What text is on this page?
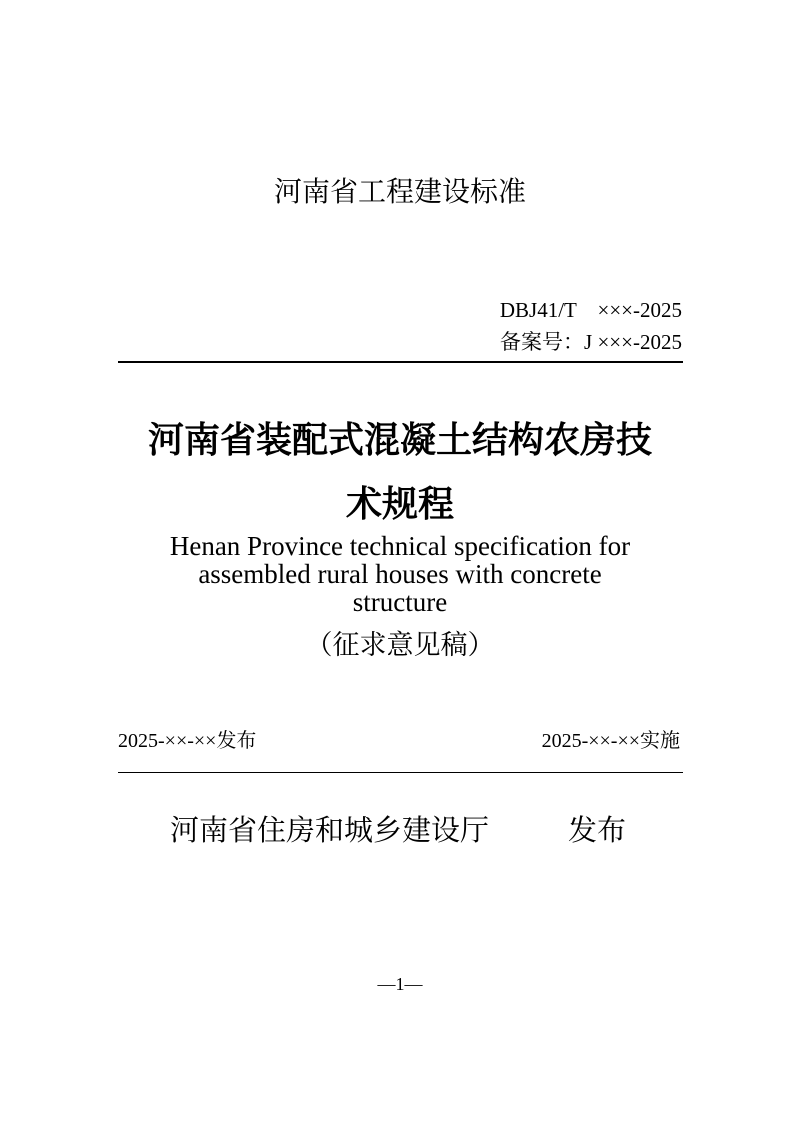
河南省工程建设标准
DBJ41/T　×××-2025
备案号：J ×××-2025
河南省装配式混凝土结构农房技
术规程
Henan Province technical specification for
assembled rural houses with concrete
structure
（征求意见稿）
2025-××-××发布	2025-××-××实施
河南省住房和城乡建设厅	发布
—1—
